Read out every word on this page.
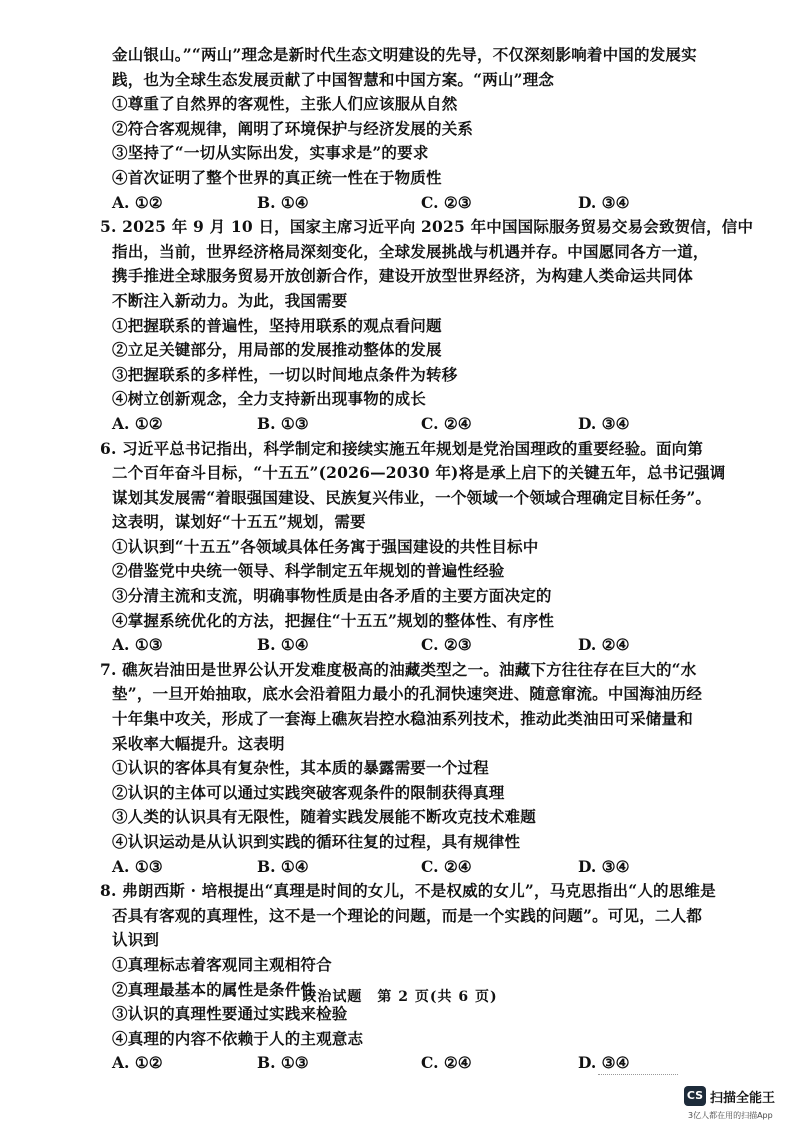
金山银山。”“两山”理念是新时代生态文明建设的先导，不仅深刻影响着中国的发展实
践，也为全球生态发展贡献了中国智慧和中国方案。“两山”理念
①尊重了自然界的客观性，主张人们应该服从自然
②符合客观规律，阐明了环境保护与经济发展的关系
③坚持了“一切从实际出发，实事求是”的要求
④首次证明了整个世界的真正统一性在于物质性
A. ①②	B. ①④	C. ②③	D. ③④
5. 2025 年 9 月 10 日，国家主席习近平向 2025 年中国国际服务贸易交易会致贺信，信中
指出，当前，世界经济格局深刻变化，全球发展挑战与机遇并存。中国愿同各方一道，
携手推进全球服务贸易开放创新合作，建设开放型世界经济，为构建人类命运共同体
不断注入新动力。为此，我国需要
①把握联系的普遍性，坚持用联系的观点看问题
②立足关键部分，用局部的发展推动整体的发展
③把握联系的多样性，一切以时间地点条件为转移
④树立创新观念，全力支持新出现事物的成长
A. ①②	B. ①③	C. ②④	D. ③④
6. 习近平总书记指出，科学制定和接续实施五年规划是党治国理政的重要经验。面向第
二个百年奋斗目标，“十五五”(2026—2030 年)将是承上启下的关键五年，总书记强调
谋划其发展需“着眼强国建设、民族复兴伟业，一个领域一个领域合理确定目标任务”。
这表明，谋划好“十五五”规划，需要
①认识到“十五五”各领域具体任务寓于强国建设的共性目标中
②借鉴党中央统一领导、科学制定五年规划的普遍性经验
③分清主流和支流，明确事物性质是由各矛盾的主要方面决定的
④掌握系统优化的方法，把握住“十五五”规划的整体性、有序性
A. ①③	B. ①④	C. ②③	D. ②④
7. 礁灰岩油田是世界公认开发难度极高的油藏类型之一。油藏下方往往存在巨大的“水
垫”，一旦开始抽取，底水会沿着阻力最小的孔洞快速突进、随意窜流。中国海油历经
十年集中攻关，形成了一套海上礁灰岩控水稳油系列技术，推动此类油田可采储量和
采收率大幅提升。这表明
①认识的客体具有复杂性，其本质的暴露需要一个过程
②认识的主体可以通过实践突破客观条件的限制获得真理
③人类的认识具有无限性，随着实践发展能不断攻克技术难题
④认识运动是从认识到实践的循环往复的过程，具有规律性
A. ①③	B. ①④	C. ②④	D. ③④
8. 弗朗西斯 · 培根提出“真理是时间的女儿，不是权威的女儿”，马克思指出“人的思维是
否具有客观的真理性，这不是一个理论的问题，而是一个实践的问题”。可见，二人都
认识到
①真理标志着客观同主观相符合
②真理最基本的属性是条件性
③认识的真理性要通过实践来检验
④真理的内容不依赖于人的主观意志
A. ①②	B. ①③	C. ②④	D. ③④
政治试题　第 2 页(共 6 页)
CS 扫描全能王
3亿人都在用的扫描App
